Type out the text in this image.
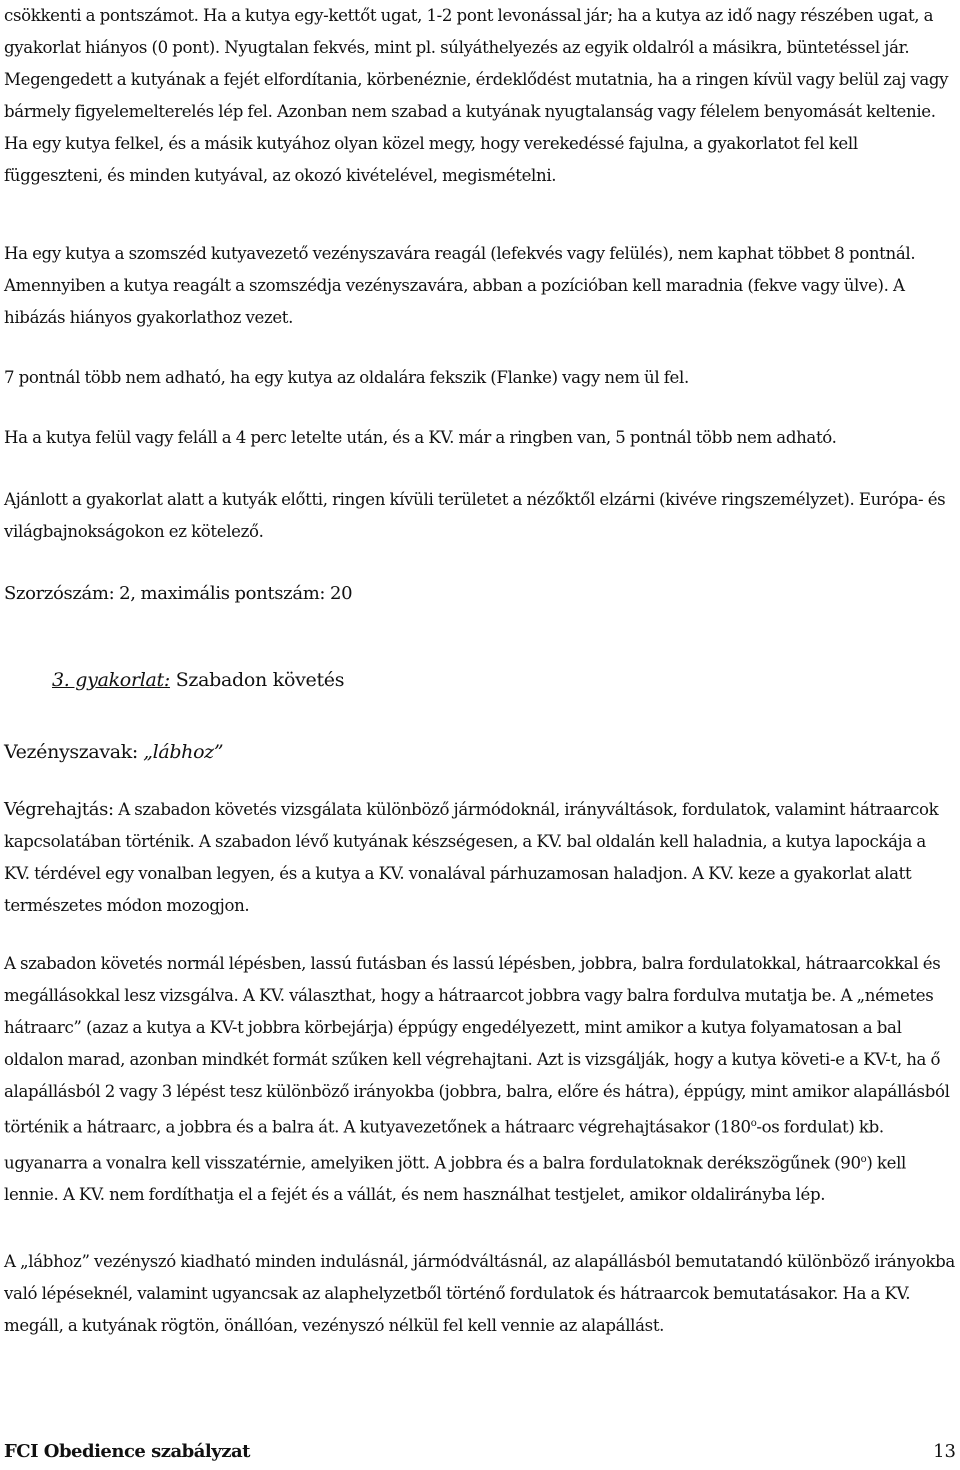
csökkenti a pontszámot. Ha a kutya egy-kettőt ugat, 1-2 pont levonással jár; ha a kutya az idő nagy részében ugat, a gyakorlat hiányos (0 pont). Nyugtalan fekvés, mint pl. súlyáthelyezés az egyik oldalról a másikra, büntetéssel jár. Megengedett a kutyának a fejét elfordítania, körbenéznie, érdeklődést mutatnia, ha a ringen kívül vagy belül zaj vagy bármely figyelemelterelés lép fel. Azonban nem szabad a kutyának nyugtalanság vagy félelem benyomását keltenie. Ha egy kutya felkel, és a másik kutyához olyan közel megy, hogy verekedéssé fajulna, a gyakorlatot fel kell függeszteni, és minden kutyával, az okozó kivételével, megismételni.

Ha egy kutya a szomszéd kutyavezető vezényszavára reagál (lefekvés vagy felülés), nem kaphat többet 8 pontnál. Amennyiben a kutya reagált a szomszédja vezényszavára, abban a pozícióban kell maradnia (fekve vagy ülve). A hibázás hiányos gyakorlathoz vezet.

7 pontnál több nem adható, ha egy kutya az oldalára fekszik (Flanke) vagy nem ül fel.

Ha a kutya felül vagy feláll a 4 perc letelte után, és a KV. már a ringben van, 5 pontnál több nem adható.

Ajánlott a gyakorlat alatt a kutyák előtti, ringen kívüli területet a nézőktől elzárni (kivéve ringszemélyzet). Európa- és világbajnokságokon ez kötelező.

Szorzószám: 2, maximális pontszám: 20

3. gyakorlat: Szabadon követés

Vezényszavak: „lábhoz”

Végrehajtás: A szabadon követés vizsgálata különböző jármódoknál, irányváltások, fordulatok, valamint hátraarcok kapcsolatában történik. A szabadon lévő kutyának készségesen, a KV. bal oldalán kell haladnia, a kutya lapockája a KV. térdével egy vonalban legyen, és a kutya a KV. vonalával párhuzamosan haladjon. A KV. keze a gyakorlat alatt természetes módon mozogjon.

A szabadon követés normál lépésben, lassú futásban és lassú lépésben, jobbra, balra fordulatokkal, hátraarcokkal és megállásokkal lesz vizsgálva. A KV. választhat, hogy a hátraarcot jobbra vagy balra fordulva mutatja be. A „németes hátraarc” (azaz a kutya a KV-t jobbra körbejárja) éppúgy engedélyezett, mint amikor a kutya folyamatosan a bal oldalon marad, azonban mindkét formát szűken kell végrehajtani. Azt is vizsgálják, hogy a kutya követi-e a KV-t, ha ő alapállásból 2 vagy 3 lépést tesz különböző irányokba (jobbra, balra, előre és hátra), éppúgy, mint amikor alapállásból történik a hátraarc, a jobbra és a balra át. A kutyavezetőnek a hátraarc végrehajtásakor (180$^o$-os fordulat) kb. ugyanarra a vonalra kell visszatérnie, amelyiken jött. A jobbra és a balra fordulatoknak derékszögűnek (90$^o$) kell lennie. A KV. nem fordíthatja el a fejét és a vállát, és nem használhat testjelet, amikor oldalirányba lép.

A „lábhoz” vezényszó kiadható minden indulásnál, jármódváltásnál, az alapállásból bemutatandó különböző irányokba való lépéseknél, valamint ugyancsak az alaphelyzetből történő fordulatok és hátraarcok bemutatásakor. Ha a KV. megáll, a kutyának rögtön, önállóan, vezényszó nélkül fel kell vennie az alapállást.

FCI Obedience szabályzat	13
